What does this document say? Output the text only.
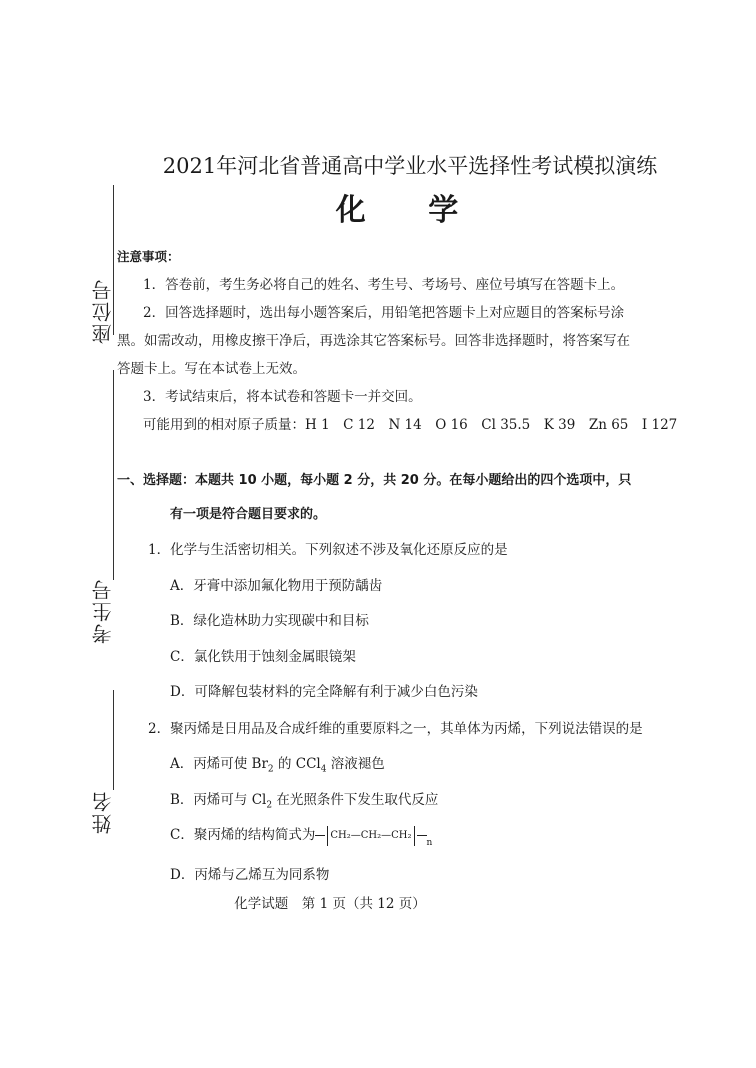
2021年河北省普通高中学业水平选择性考试模拟演练
化 学
座位号
考生号
姓名
注意事项：
1．答卷前，考生务必将自己的姓名、考生号、考场号、座位号填写在答题卡上。
2．回答选择题时，选出每小题答案后，用铅笔把答题卡上对应题目的答案标号涂
黑。如需改动，用橡皮擦干净后，再选涂其它答案标号。回答非选择题时，将答案写在
答题卡上。写在本试卷上无效。
3．考试结束后，将本试卷和答题卡一并交回。
可能用到的相对原子质量：H 1　C 12　N 14　O 16　Cl 35.5　K 39　Zn 65　I 127
一、选择题：本题共 10 小题，每小题 2 分，共 20 分。在每小题给出的四个选项中，只
有一项是符合题目要求的。
1．化学与生活密切相关。下列叙述不涉及氧化还原反应的是
A．牙膏中添加氟化物用于预防龋齿
B．绿化造林助力实现碳中和目标
C．氯化铁用于蚀刻金属眼镜架
D．可降解包装材料的完全降解有利于减少白色污染
2．聚丙烯是日用品及合成纤维的重要原料之一，其单体为丙烯，下列说法错误的是
A．丙烯可使 $Br_2$ 的 CCl$_4$ 溶液褪色
B．丙烯可与 $Cl_2$ 在光照条件下发生取代反应
C．聚丙烯的结构简式为 CH₂—CH₂—CH₂
n
D．丙烯与乙烯互为同系物
化学试题　第 1 页（共 12 页）
